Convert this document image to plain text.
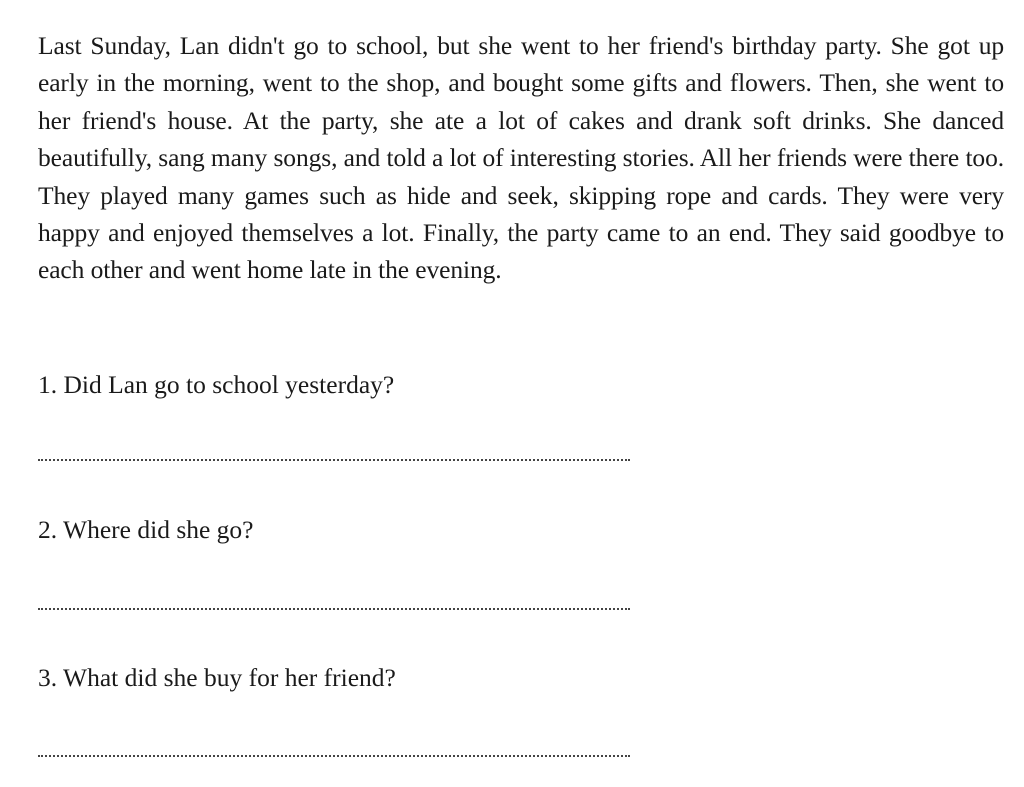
Last Sunday, Lan didn't go to school, but she went to her friend's birthday party. She got up early in the morning, went to the shop, and bought some gifts and flowers. Then, she went to her friend's house. At the party, she ate a lot of cakes and drank soft drinks. She danced beautifully, sang many songs, and told a lot of interesting stories. All her friends were there too. They played many games such as hide and seek, skipping rope and cards. They were very happy and enjoyed themselves a lot. Finally, the party came to an end. They said goodbye to each other and went home late in the evening.

1. Did Lan go to school yesterday?

2. Where did she go?

3. What did she buy for her friend?
